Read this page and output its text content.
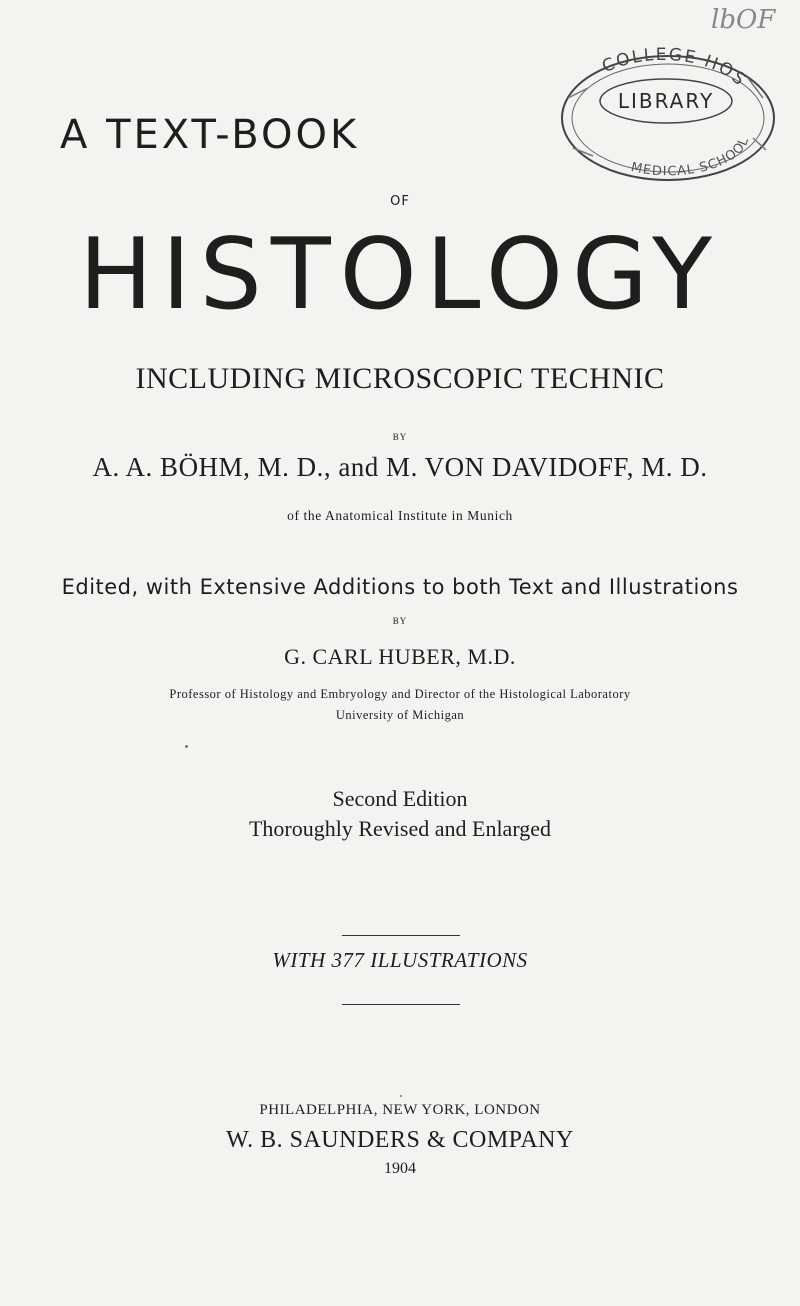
A TEXT-BOOK
OF
HISTOLOGY
INCLUDING MICROSCOPIC TECHNIC
BY
A. A. BÖHM, M. D., and M. VON DAVIDOFF, M. D.
of the Anatomical Institute in Munich
Edited, with Extensive Additions to both Text and Illustrations
BY
G. CARL HUBER, M.D.
Professor of Histology and Embryology and Director of the Histological Laboratory
University of Michigan
Second Edition
Thoroughly Revised and Enlarged
WITH 377 ILLUSTRATIONS
PHILADELPHIA, NEW YORK, LONDON
W. B. SAUNDERS & COMPANY
1904
COLLEGE HOS
LIBRARY
MEDICAL SCHOOL
lbOF
